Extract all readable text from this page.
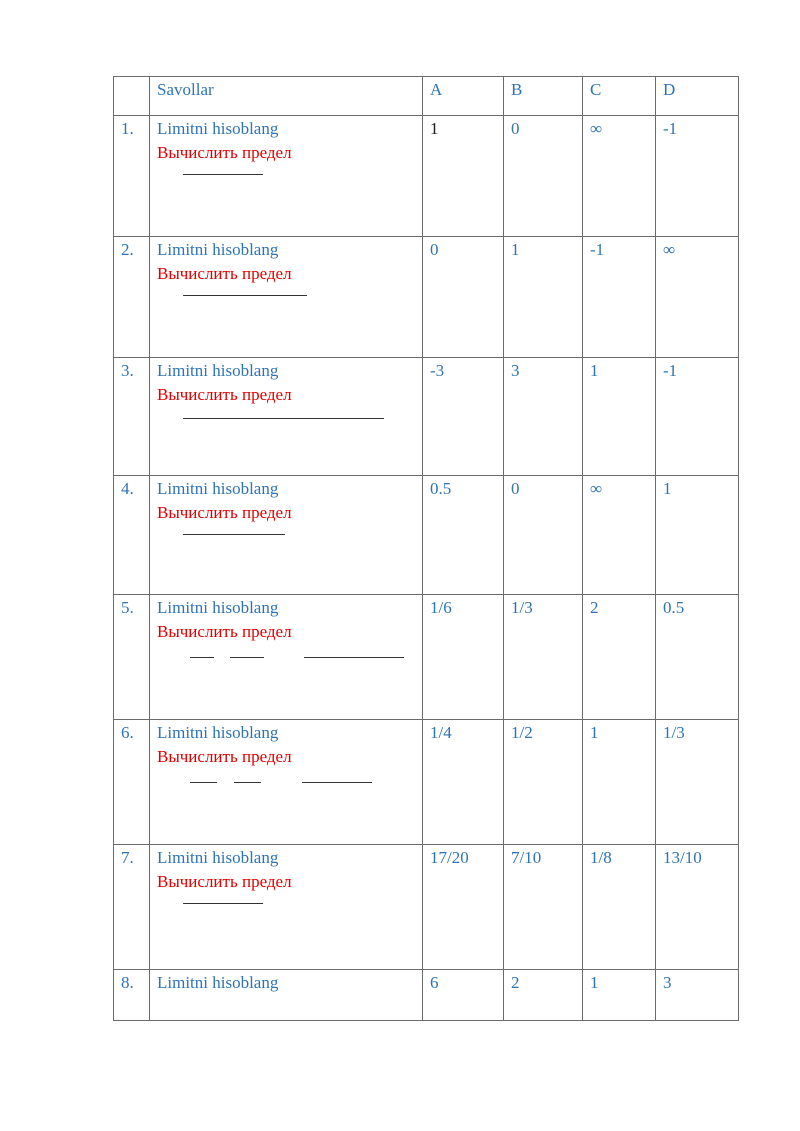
	Savollar	A	B	C	D

1.	Limitni hisoblang
Вычислить предел	1	0	∞	-1

2.	Limitni hisoblang
Вычислить предел	0	1	-1	∞

3.	Limitni hisoblang
Вычислить предел	-3	3	1	-1

4.	Limitni hisoblang
Вычислить предел	0.5	0	∞	1

5.	Limitni hisoblang
Вычислить предел	1/6	1/3	2	0.5

6.	Limitni hisoblang
Вычислить предел	1/4	1/2	1	1/3

7.	Limitni hisoblang
Вычислить предел	17/20	7/10	1/8	13/10

8.	Limitni hisoblang	6	2	1	3
